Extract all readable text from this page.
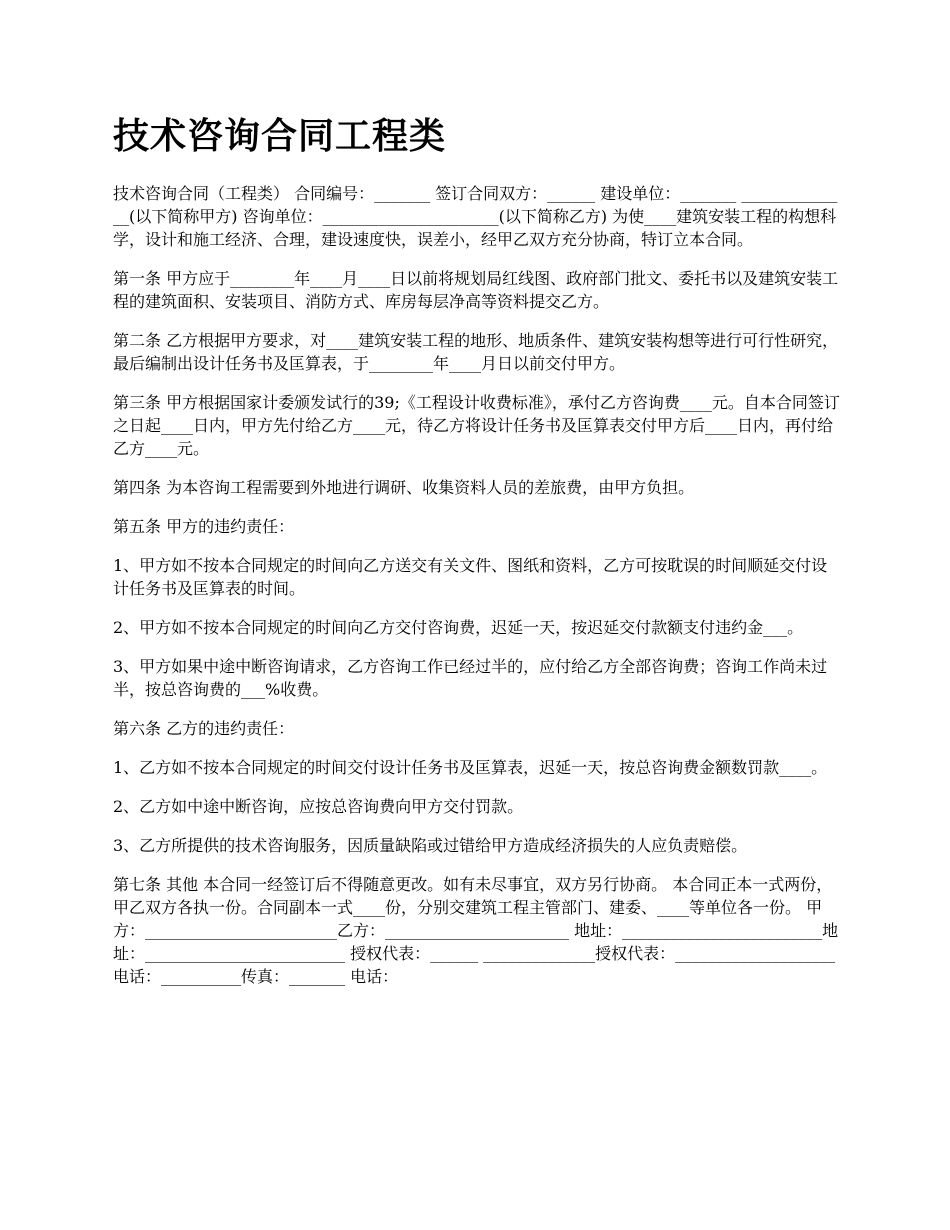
技术咨询合同工程类

技术咨询合同（工程类） 合同编号：_______ 签订合同双方：______ 建设单位：_______ ______________(以下简称甲方) 咨询单位：______________________(以下简称乙方) 为使____建筑安装工程的构想科学，设计和施工经济、合理，建设速度快，误差小，经甲乙双方充分协商，特订立本合同。

第一条 甲方应于________年____月____日以前将规划局红线图、政府部门批文、委托书以及建筑安装工程的建筑面积、安装项目、消防方式、库房每层净高等资料提交乙方。

第二条 乙方根据甲方要求，对____建筑安装工程的地形、地质条件、建筑安装构想等进行可行性研究，最后编制出设计任务书及匡算表，于________年____月日以前交付甲方。

第三条 甲方根据国家计委颁发试行的39;《工程设计收费标准》，承付乙方咨询费____元。自本合同签订之日起____日内，甲方先付给乙方____元，待乙方将设计任务书及匡算表交付甲方后____日内，再付给乙方____元。

第四条 为本咨询工程需要到外地进行调研、收集资料人员的差旅费，由甲方负担。

第五条 甲方的违约责任：

1、甲方如不按本合同规定的时间向乙方送交有关文件、图纸和资料，乙方可按耽误的时间顺延交付设计任务书及匡算表的时间。

2、甲方如不按本合同规定的时间向乙方交付咨询费，迟延一天，按迟延交付款额支付违约金___。

3、甲方如果中途中断咨询请求，乙方咨询工作已经过半的，应付给乙方全部咨询费；咨询工作尚未过半，按总咨询费的___%收费。

第六条 乙方的违约责任：

1、乙方如不按本合同规定的时间交付设计任务书及匡算表，迟延一天，按总咨询费金额数罚款____。

2、乙方如中途中断咨询，应按总咨询费向甲方交付罚款。

3、乙方所提供的技术咨询服务，因质量缺陷或过错给甲方造成经济损失的人应负责赔偿。

第七条 其他 本合同一经签订后不得随意更改。如有未尽事宜，双方另行协商。 本合同正本一式两份，甲乙双方各执一份。合同副本一式____份，分别交建筑工程主管部门、建委、____等单位各一份。 甲方：________________________乙方：_______________________ 地址：_________________________地址：_________________________ 授权代表：______ ______________授权代表：____________________ 电话：__________传真：_______ 电话：
